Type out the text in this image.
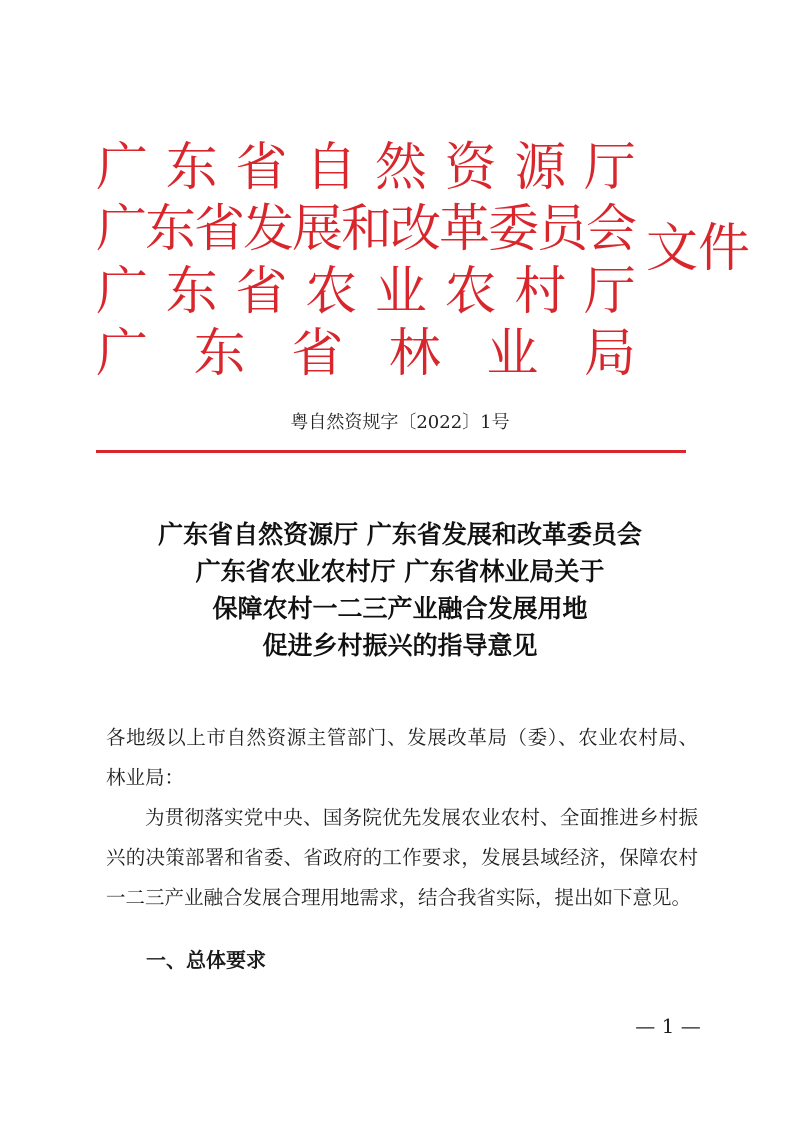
广 东 省 自 然 资 源 厅
广东省发展和改革委员会
广 东 省 农 业 农 村 厅
广 东 省 林 业 局
文件
粤自然资规字〔2022〕1号
广东省自然资源厅 广东省发展和改革委员会
广东省农业农村厅 广东省林业局关于
保障农村一二三产业融合发展用地
促进乡村振兴的指导意见

各地级以上市自然资源主管部门、发展改革局（委）、农业农村局、林业局：

为贯彻落实党中央、国务院优先发展农业农村、全面推进乡村振兴的决策部署和省委、省政府的工作要求，发展县域经济，保障农村一二三产业融合发展合理用地需求，结合我省实际，提出如下意见。

一、总体要求
— 1 —
